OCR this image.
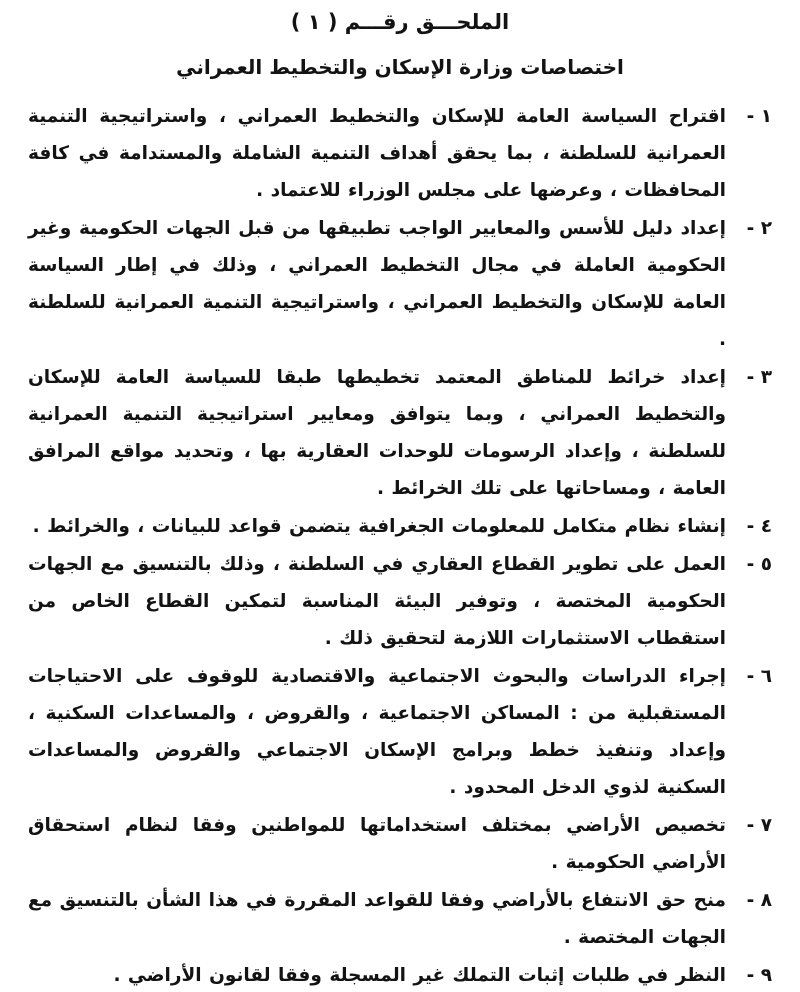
الملحـــق رقـــم ( ١ )
اختصاصات وزارة الإسكان والتخطيط العمراني
١ -
اقتراح السياسة العامة للإسكان والتخطيط العمراني ، واستراتيجية التنمية العمرانية للسلطنة ، بما يحقق أهداف التنمية الشاملة والمستدامة في كافة المحافظات ، وعرضها على مجلس الوزراء للاعتماد .
٢ -
إعداد دليل للأسس والمعايير الواجب تطبيقها من قبل الجهات الحكومية وغير الحكومية العاملة في مجال التخطيط العمراني ، وذلك في إطار السياسة العامة للإسكان والتخطيط العمراني ، واستراتيجية التنمية العمرانية للسلطنة .
٣ -
إعداد خرائط للمناطق المعتمد تخطيطها طبقا للسياسة العامة للإسكان والتخطيط العمراني ، وبما يتوافق ومعايير استراتيجية التنمية العمرانية للسلطنة ، وإعداد الرسومات للوحدات العقارية بها ، وتحديد مواقع المرافق العامة ، ومساحاتها على تلك الخرائط .
٤ -
إنشاء نظام متكامل للمعلومات الجغرافية يتضمن قواعد للبيانات ، والخرائط .
٥ -
العمل على تطوير القطاع العقاري في السلطنة ، وذلك بالتنسيق مع الجهات الحكومية المختصة ، وتوفير البيئة المناسبة لتمكين القطاع الخاص من استقطاب الاستثمارات اللازمة لتحقيق ذلك .
٦ -
إجراء الدراسات والبحوث الاجتماعية والاقتصادية للوقوف على الاحتياجات المستقبلية من : المساكن الاجتماعية ، والقروض ، والمساعدات السكنية ، وإعداد وتنفيذ خطط وبرامج الإسكان الاجتماعي والقروض والمساعدات السكنية لذوي الدخل المحدود .
٧ -
تخصيص الأراضي بمختلف استخداماتها للمواطنين وفقا لنظام استحقاق الأراضي الحكومية .
٨ -
منح حق الانتفاع بالأراضي وفقا للقواعد المقررة في هذا الشأن بالتنسيق مع الجهات المختصة .
٩ -
النظر في طلبات إثبات التملك غير المسجلة وفقا لقانون الأراضي .
